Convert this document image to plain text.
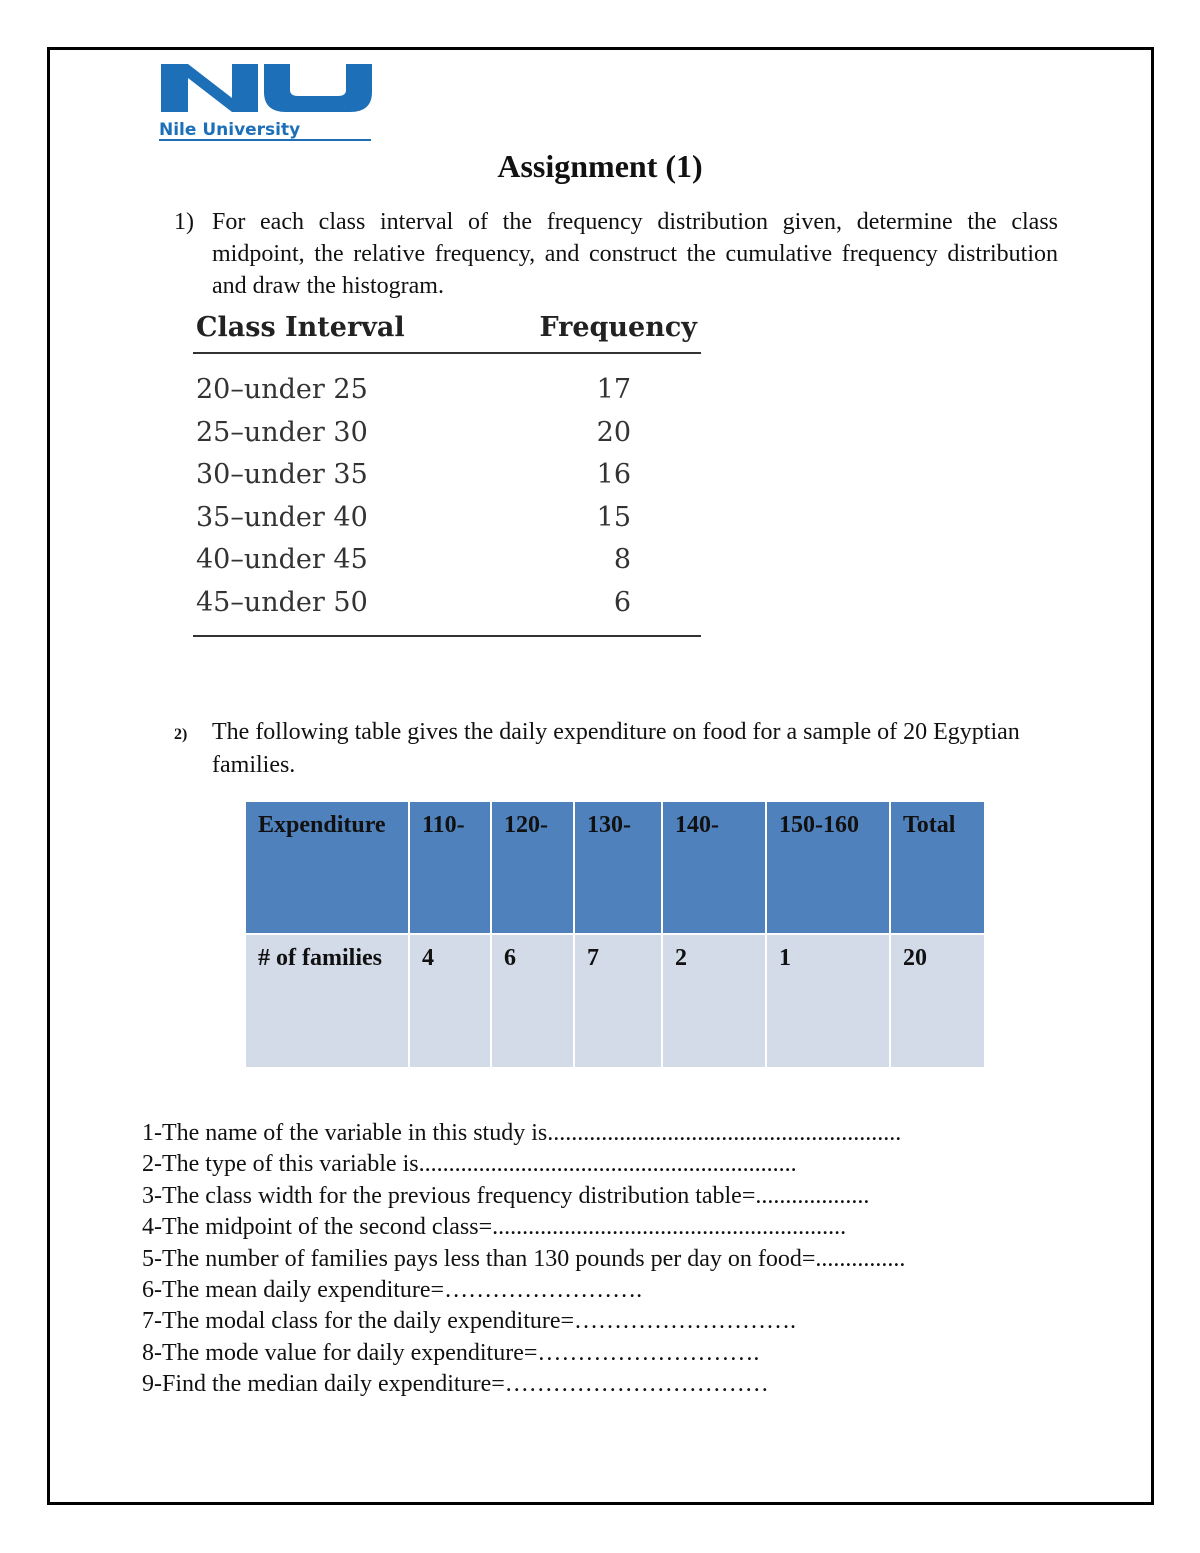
Nile University
Assignment (1)
1) For each class interval of the frequency distribution given, determine the class midpoint, the relative frequency, and construct the cumulative frequency distribution and draw the histogram.
Class Interval	Frequency
20–under 25	17
25–under 30	20
30–under 35	16
35–under 40	15
40–under 45	8
45–under 50	6
2) The following table gives the daily expenditure on food for a sample of 20 Egyptian families.
Expenditure	110-	120-	130-	140-	150-160	Total
# of families	4	6	7	2	1	20
1-The name of the variable in this study is...........................................................
2-The type of this variable is...............................................................
3-The class width for the previous frequency distribution table=...................
4-The midpoint of the second class=...........................................................
5-The number of families pays less than 130 pounds per day on food=...............
6-The mean daily expenditure=…………………….
7-The modal class for the daily expenditure=……………………….
8-The mode value for daily expenditure=……………………….
9-Find the median daily expenditure=……………………………
